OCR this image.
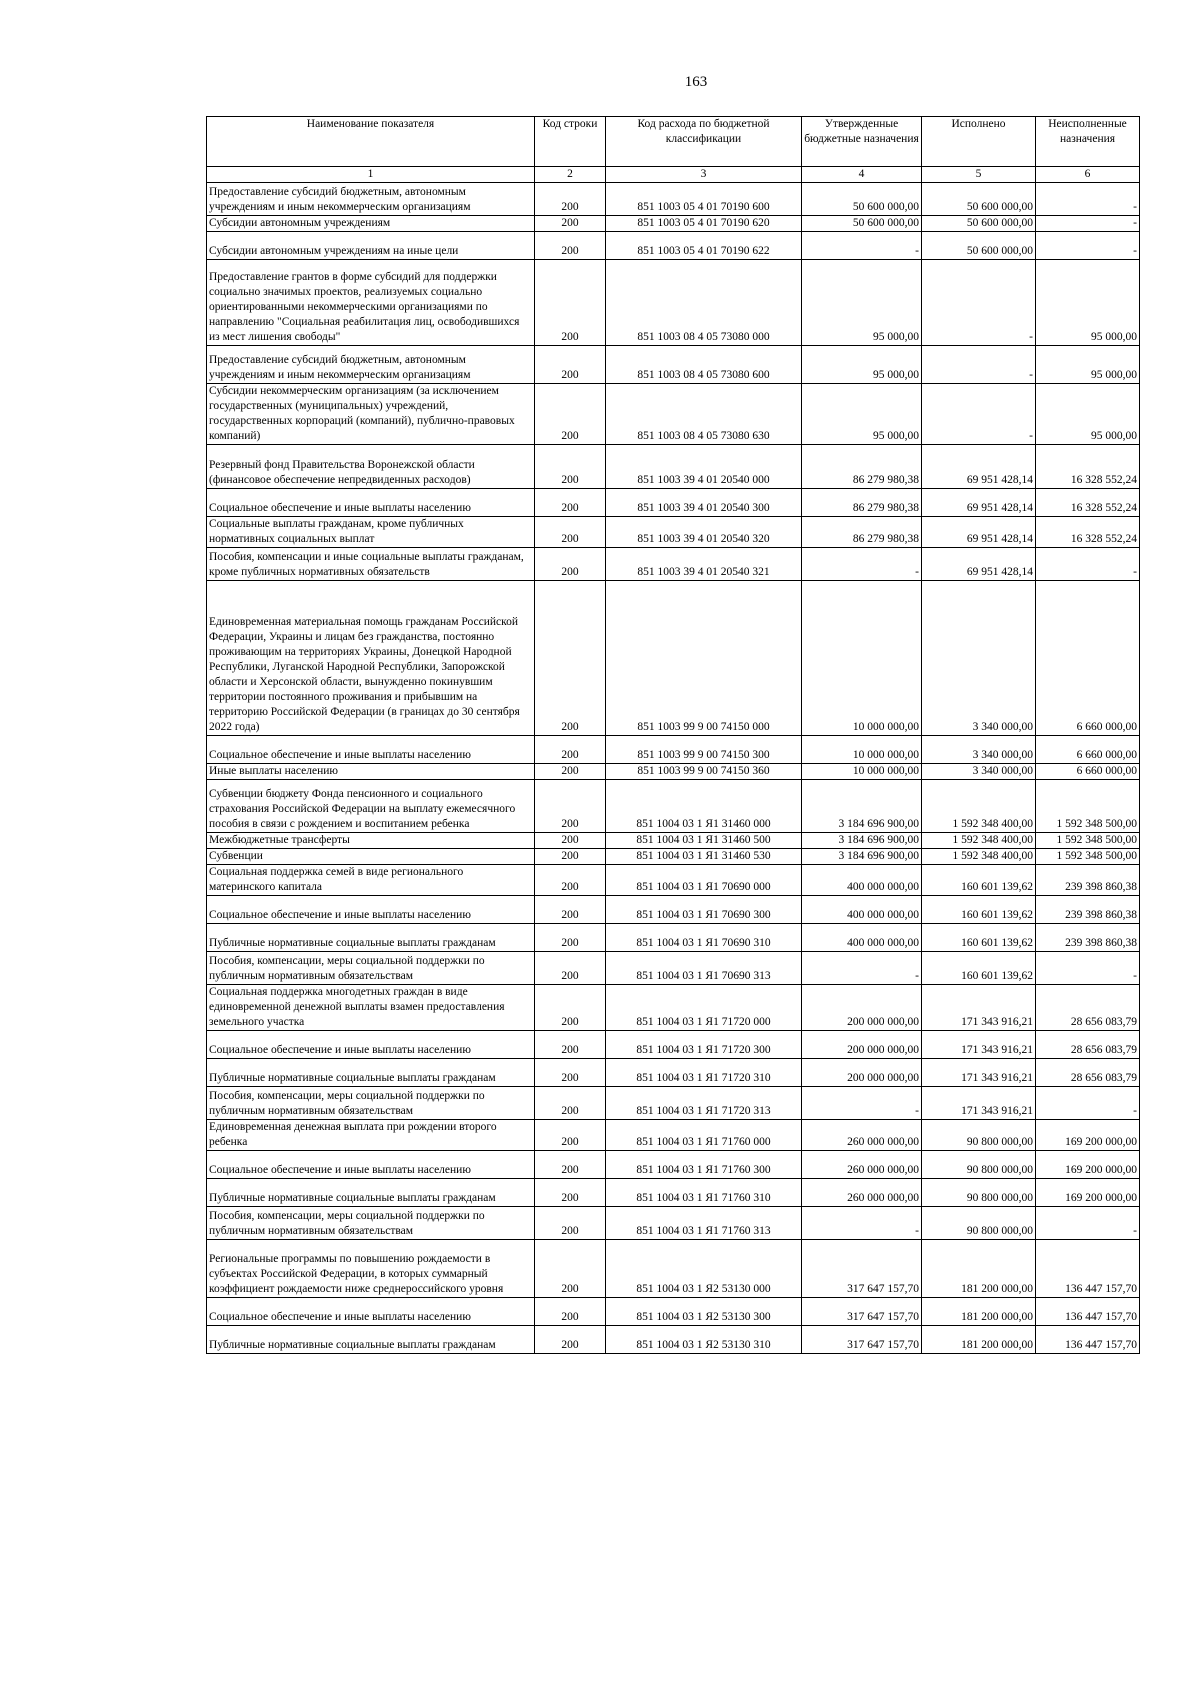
163
Наименование показателя	Код строки	Код расхода по бюджетной классификации	Утвержденные бюджетные назначения	Исполнено	Неисполненные назначения
1	2	3	4	5	6
Предоставление субсидий бюджетным, автономным учреждениям и иным некоммерческим организациям	200	851 1003 05 4 01 70190 600	50 600 000,00	50 600 000,00	-
Субсидии автономным учреждениям	200	851 1003 05 4 01 70190 620	50 600 000,00	50 600 000,00	-
Субсидии автономным учреждениям на иные цели	200	851 1003 05 4 01 70190 622	-	50 600 000,00	-
Предоставление грантов в форме субсидий для поддержки социально значимых проектов, реализуемых социально ориентированными некоммерческими организациями по направлению "Социальная реабилитация лиц, освободившихся из мест лишения свободы"	200	851 1003 08 4 05 73080 000	95 000,00	-	95 000,00
Предоставление субсидий бюджетным, автономным учреждениям и иным некоммерческим организациям	200	851 1003 08 4 05 73080 600	95 000,00	-	95 000,00
Субсидии некоммерческим организациям (за исключением государственных (муниципальных) учреждений, государственных корпораций (компаний), публично-правовых компаний)	200	851 1003 08 4 05 73080 630	95 000,00	-	95 000,00
Резервный фонд Правительства Воронежской области (финансовое обеспечение непредвиденных расходов)	200	851 1003 39 4 01 20540 000	86 279 980,38	69 951 428,14	16 328 552,24
Социальное обеспечение и иные выплаты населению	200	851 1003 39 4 01 20540 300	86 279 980,38	69 951 428,14	16 328 552,24
Социальные выплаты гражданам, кроме публичных нормативных социальных выплат	200	851 1003 39 4 01 20540 320	86 279 980,38	69 951 428,14	16 328 552,24
Пособия, компенсации и иные социальные выплаты гражданам, кроме публичных нормативных обязательств	200	851 1003 39 4 01 20540 321	-	69 951 428,14	-
Единовременная материальная помощь гражданам Российской Федерации, Украины и лицам без гражданства, постоянно проживающим на территориях Украины, Донецкой Народной Республики, Луганской Народной Республики, Запорожской области и Херсонской области, вынужденно покинувшим территории постоянного проживания и прибывшим на территорию Российской Федерации (в границах до 30 сентября 2022 года)	200	851 1003 99 9 00 74150 000	10 000 000,00	3 340 000,00	6 660 000,00
Социальное обеспечение и иные выплаты населению	200	851 1003 99 9 00 74150 300	10 000 000,00	3 340 000,00	6 660 000,00
Иные выплаты населению	200	851 1003 99 9 00 74150 360	10 000 000,00	3 340 000,00	6 660 000,00
Субвенции бюджету Фонда пенсионного и социального страхования Российской Федерации на выплату ежемесячного пособия в связи с рождением и воспитанием ребенка	200	851 1004 03 1 Я1 31460 000	3 184 696 900,00	1 592 348 400,00	1 592 348 500,00
Межбюджетные трансферты	200	851 1004 03 1 Я1 31460 500	3 184 696 900,00	1 592 348 400,00	1 592 348 500,00
Субвенции	200	851 1004 03 1 Я1 31460 530	3 184 696 900,00	1 592 348 400,00	1 592 348 500,00
Социальная поддержка семей в виде регионального материнского капитала	200	851 1004 03 1 Я1 70690 000	400 000 000,00	160 601 139,62	239 398 860,38
Социальное обеспечение и иные выплаты населению	200	851 1004 03 1 Я1 70690 300	400 000 000,00	160 601 139,62	239 398 860,38
Публичные нормативные социальные выплаты гражданам	200	851 1004 03 1 Я1 70690 310	400 000 000,00	160 601 139,62	239 398 860,38
Пособия, компенсации, меры социальной поддержки по публичным нормативным обязательствам	200	851 1004 03 1 Я1 70690 313	-	160 601 139,62	-
Социальная поддержка многодетных граждан в виде единовременной денежной выплаты взамен предоставления земельного участка	200	851 1004 03 1 Я1 71720 000	200 000 000,00	171 343 916,21	28 656 083,79
Социальное обеспечение и иные выплаты населению	200	851 1004 03 1 Я1 71720 300	200 000 000,00	171 343 916,21	28 656 083,79
Публичные нормативные социальные выплаты гражданам	200	851 1004 03 1 Я1 71720 310	200 000 000,00	171 343 916,21	28 656 083,79
Пособия, компенсации, меры социальной поддержки по публичным нормативным обязательствам	200	851 1004 03 1 Я1 71720 313	-	171 343 916,21	-
Единовременная денежная выплата при рождении второго ребенка	200	851 1004 03 1 Я1 71760 000	260 000 000,00	90 800 000,00	169 200 000,00
Социальное обеспечение и иные выплаты населению	200	851 1004 03 1 Я1 71760 300	260 000 000,00	90 800 000,00	169 200 000,00
Публичные нормативные социальные выплаты гражданам	200	851 1004 03 1 Я1 71760 310	260 000 000,00	90 800 000,00	169 200 000,00
Пособия, компенсации, меры социальной поддержки по публичным нормативным обязательствам	200	851 1004 03 1 Я1 71760 313	-	90 800 000,00	-
Региональные программы по повышению рождаемости в субъектах Российской Федерации, в которых суммарный коэффициент рождаемости ниже среднероссийского уровня	200	851 1004 03 1 Я2 53130 000	317 647 157,70	181 200 000,00	136 447 157,70
Социальное обеспечение и иные выплаты населению	200	851 1004 03 1 Я2 53130 300	317 647 157,70	181 200 000,00	136 447 157,70
Публичные нормативные социальные выплаты гражданам	200	851 1004 03 1 Я2 53130 310	317 647 157,70	181 200 000,00	136 447 157,70
